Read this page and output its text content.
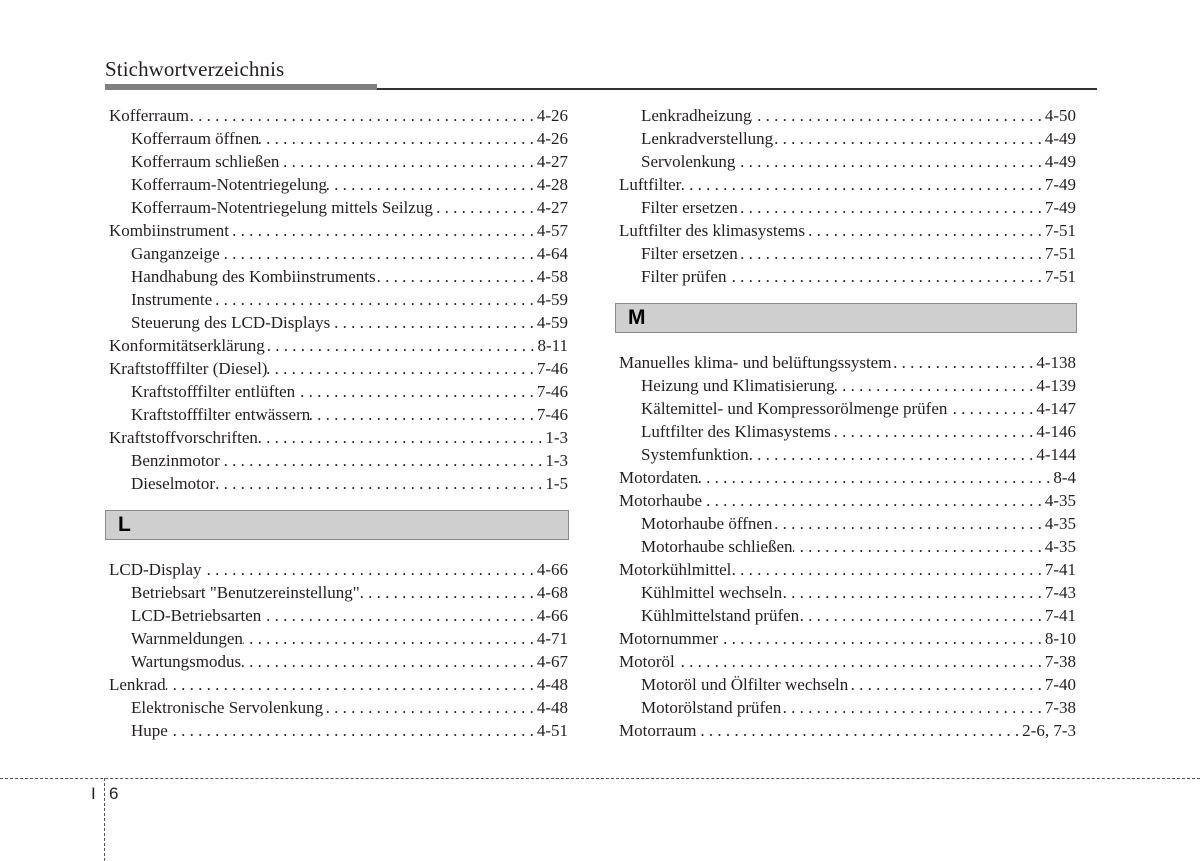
Stichwortverzeichnis
Kofferraum . . .	4-26
Kofferraum öffnen . . .	4-26
Kofferraum schließen . . .	4-27
Kofferraum-Notentriegelung . . .	4-28
Kofferraum-Notentriegelung mittels Seilzug . . .	4-27
Kombiinstrument . . .	4-57
Ganganzeige . . .	4-64
Handhabung des Kombiinstruments . . .	4-58
Instrumente . . .	4-59
Steuerung des LCD-Displays . . .	4-59
Konformitätserklärung . . .	8-11
Kraftstofffilter (Diesel) . . .	7-46
Kraftstofffilter entlüften . . .	7-46
Kraftstofffilter entwässern . . .	7-46
Kraftstoffvorschriften . . .	1-3
Benzinmotor . . .	1-3
Dieselmotor . . .	1-5
L
LCD-Display . . .	4-66
Betriebsart "Benutzereinstellung" . . .	4-68
LCD-Betriebsarten . . .	4-66
Warnmeldungen . . .	4-71
Wartungsmodus . . .	4-67
Lenkrad . . .	4-48
Elektronische Servolenkung . . .	4-48
Hupe . . .	4-51
Lenkradheizung . . .	4-50
Lenkradverstellung . . .	4-49
Servolenkung . . .	4-49
Luftfilter . . .	7-49
Filter ersetzen . . .	7-49
Luftfilter des klimasystems . . .	7-51
Filter ersetzen . . .	7-51
Filter prüfen . . .	7-51
M
Manuelles klima- und belüftungssystem . . .	4-138
Heizung und Klimatisierung . . .	4-139
Kältemittel- und Kompressorölmenge prüfen . . .	4-147
Luftfilter des Klimasystems . . .	4-146
Systemfunktion . . .	4-144
Motordaten . . .	8-4
Motorhaube . . .	4-35
Motorhaube öffnen . . .	4-35
Motorhaube schließen . . .	4-35
Motorkühlmittel . . .	7-41
Kühlmittel wechseln . . .	7-43
Kühlmittelstand prüfen . . .	7-41
Motornummer . . .	8-10
Motoröl . . .	7-38
Motoröl und Ölfilter wechseln . . .	7-40
Motorölstand prüfen . . .	7-38
Motorraum . . .	2-6, 7-3
I 6
